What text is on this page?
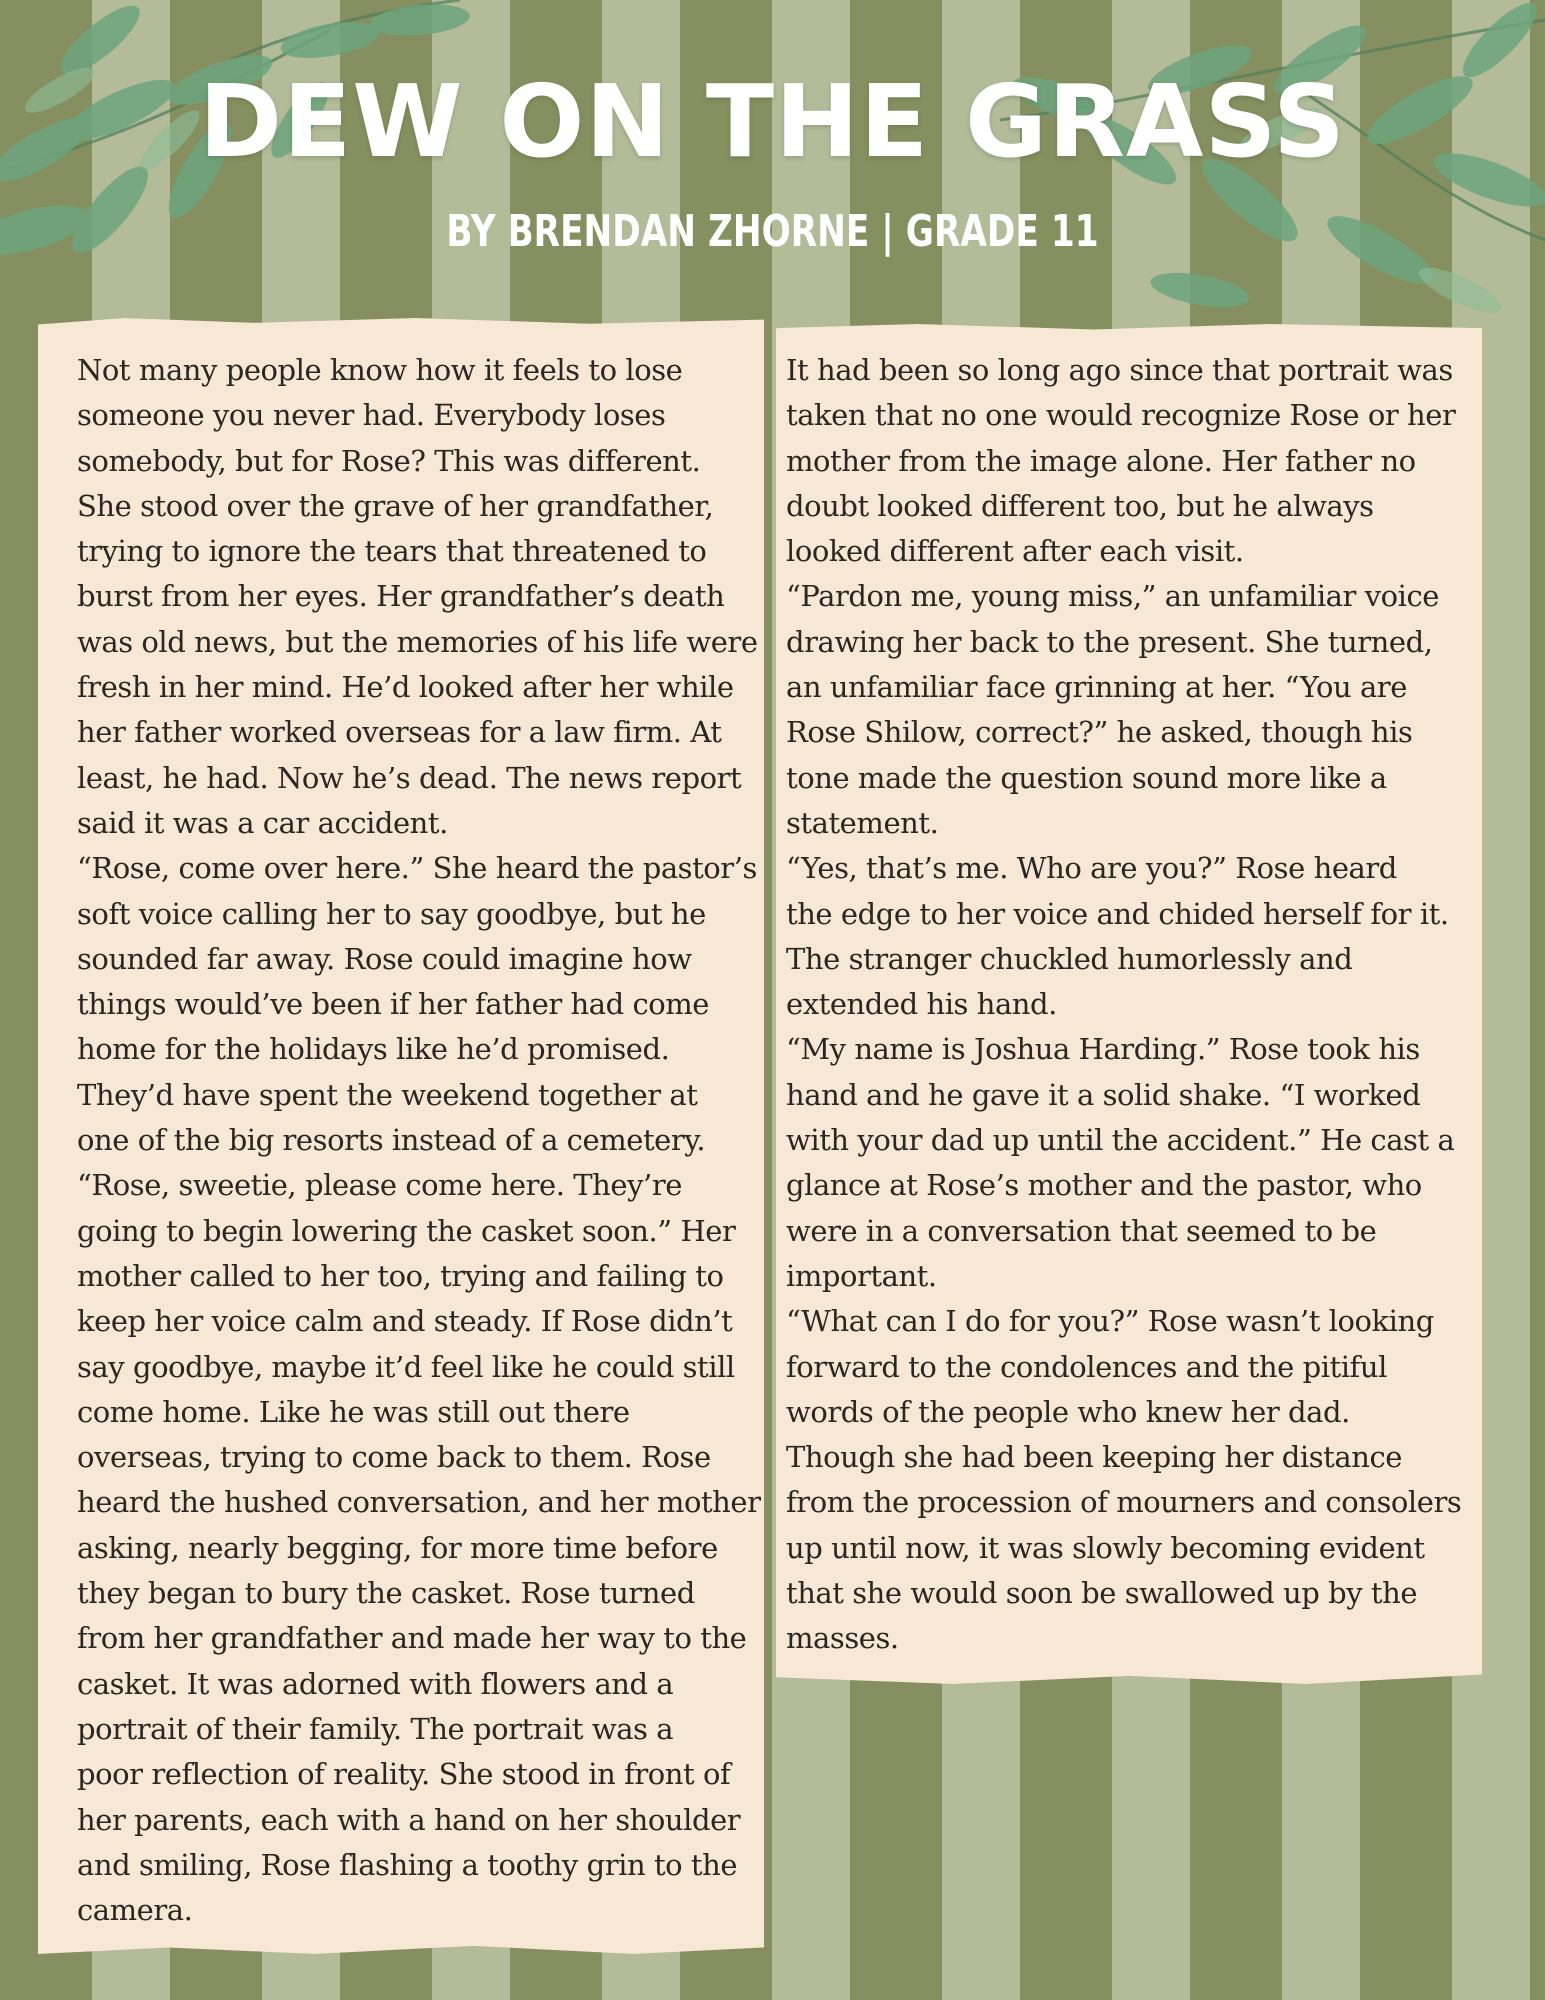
DEW ON THE GRASS
BY BRENDAN ZHORNE | GRADE 11

Not many people know how it feels to lose

someone you never had. Everybody loses

somebody, but for Rose? This was different.

She stood over the grave of her grandfather,

trying to ignore the tears that threatened to

burst from her eyes. Her grandfather’s death

was old news, but the memories of his life were

fresh in her mind. He’d looked after her while

her father worked overseas for a law firm. At

least, he had. Now he’s dead. The news report

said it was a car accident.

“Rose, come over here.” She heard the pastor’s

soft voice calling her to say goodbye, but he

sounded far away. Rose could imagine how

things would’ve been if her father had come

home for the holidays like he’d promised.

They’d have spent the weekend together at

one of the big resorts instead of a cemetery.

“Rose, sweetie, please come here. They’re

going to begin lowering the casket soon.” Her

mother called to her too, trying and failing to

keep her voice calm and steady. If Rose didn’t

say goodbye, maybe it’d feel like he could still

come home. Like he was still out there

overseas, trying to come back to them. Rose

heard the hushed conversation, and her mother

asking, nearly begging, for more time before

they began to bury the casket. Rose turned

from her grandfather and made her way to the

casket. It was adorned with flowers and a

portrait of their family. The portrait was a

poor reflection of reality. She stood in front of

her parents, each with a hand on her shoulder

and smiling, Rose flashing a toothy grin to the

camera.

It had been so long ago since that portrait was

taken that no one would recognize Rose or her

mother from the image alone. Her father no

doubt looked different too, but he always

looked different after each visit.

“Pardon me, young miss,” an unfamiliar voice

drawing her back to the present. She turned,

an unfamiliar face grinning at her. “You are

Rose Shilow, correct?” he asked, though his

tone made the question sound more like a

statement.

“Yes, that’s me. Who are you?” Rose heard

the edge to her voice and chided herself for it.

The stranger chuckled humorlessly and

extended his hand.

“My name is Joshua Harding.” Rose took his

hand and he gave it a solid shake. “I worked

with your dad up until the accident.” He cast a

glance at Rose’s mother and the pastor, who

were in a conversation that seemed to be

important.

“What can I do for you?” Rose wasn’t looking

forward to the condolences and the pitiful

words of the people who knew her dad.

Though she had been keeping her distance

from the procession of mourners and consolers

up until now, it was slowly becoming evident

that she would soon be swallowed up by the

masses.
